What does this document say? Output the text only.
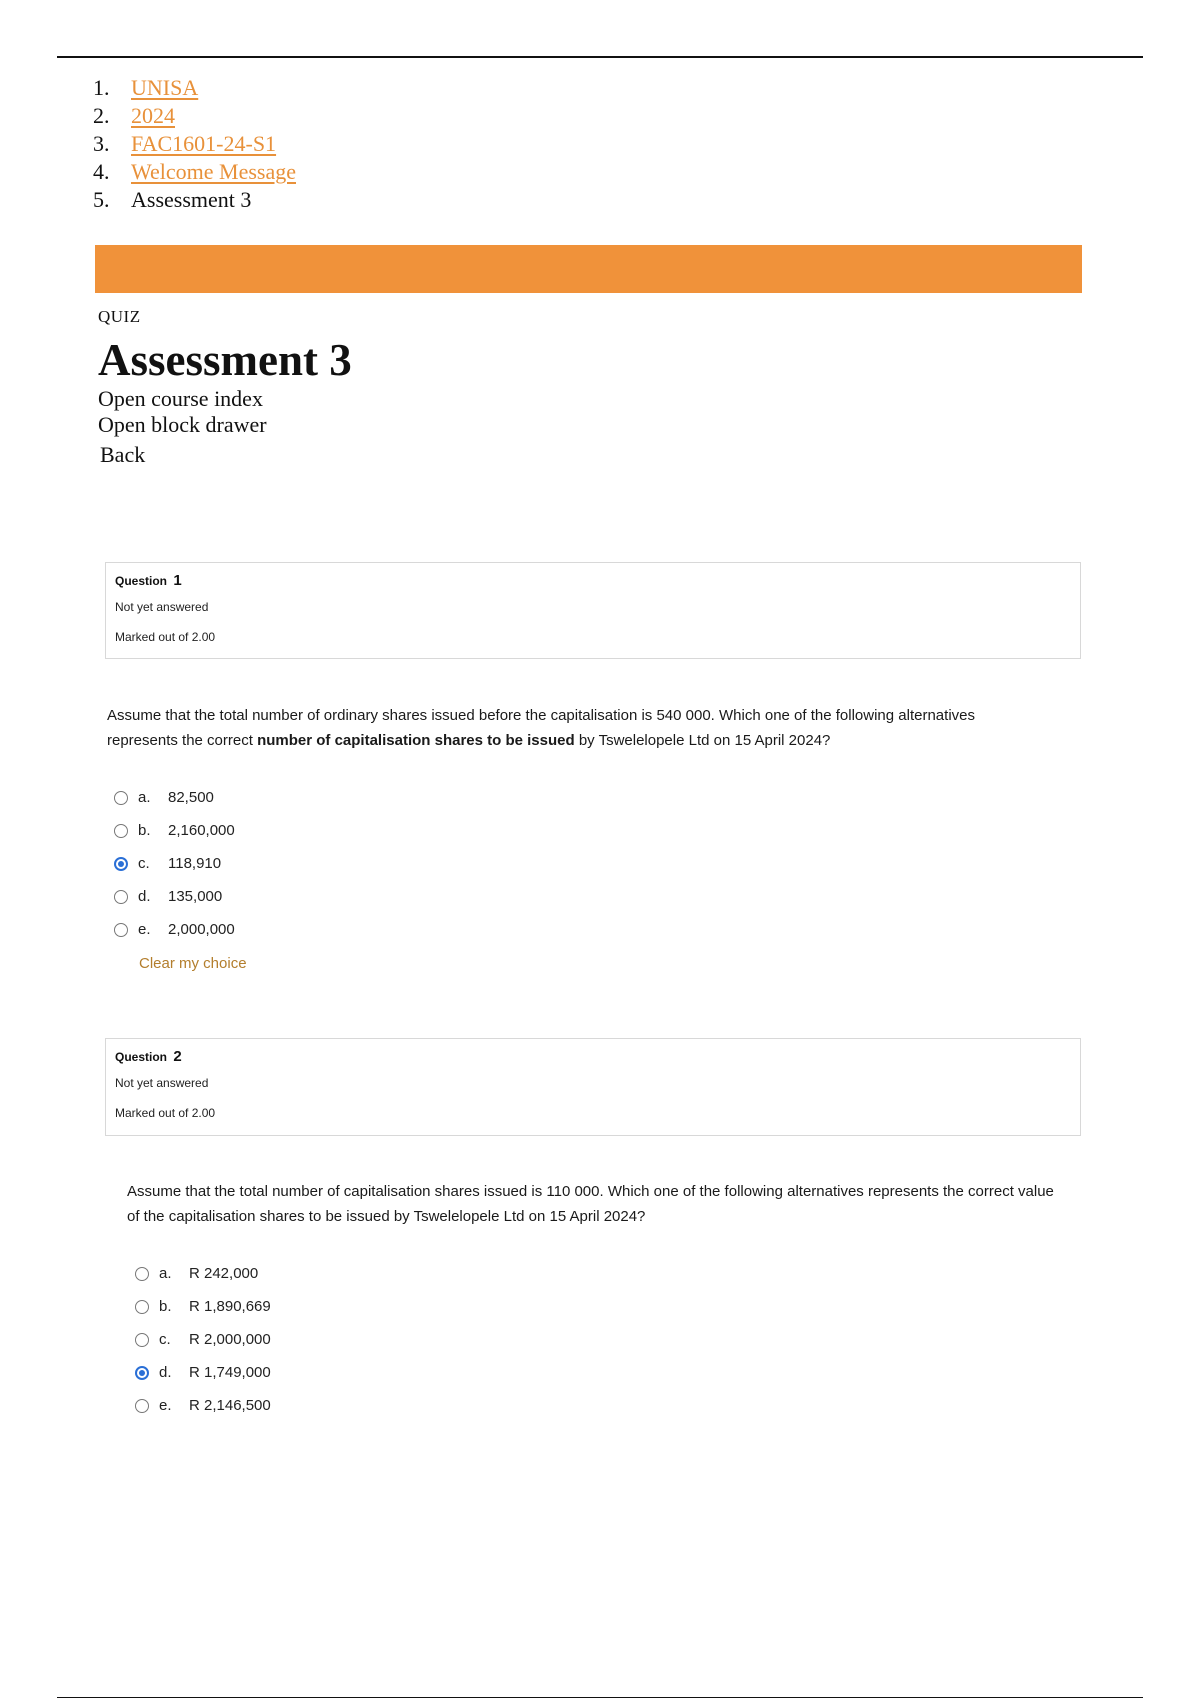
1. UNISA
2. 2024
3. FAC1601-24-S1
4. Welcome Message
5. Assessment 3

QUIZ

Assessment 3
Open course index
Open block drawer
Back
Question 1
Not yet answered
Marked out of 2.00
Assume that the total number of ordinary shares issued before the capitalisation is 540 000. Which one of the following alternatives represents the correct number of capitalisation shares to be issued by Tswelelopele Ltd on 15 April 2024?
a.	82,500
b.	2,160,000
c.	118,910
d.	135,000
e.	2,000,000
Clear my choice
Question 2
Not yet answered
Marked out of 2.00
Assume that the total number of capitalisation shares issued is 110 000. Which one of the following alternatives represents the correct value of the capitalisation shares to be issued by Tswelelopele Ltd on 15 April 2024?
a.	R 242,000
b.	R 1,890,669
c.	R 2,000,000
d.	R 1,749,000
e.	R 2,146,500
